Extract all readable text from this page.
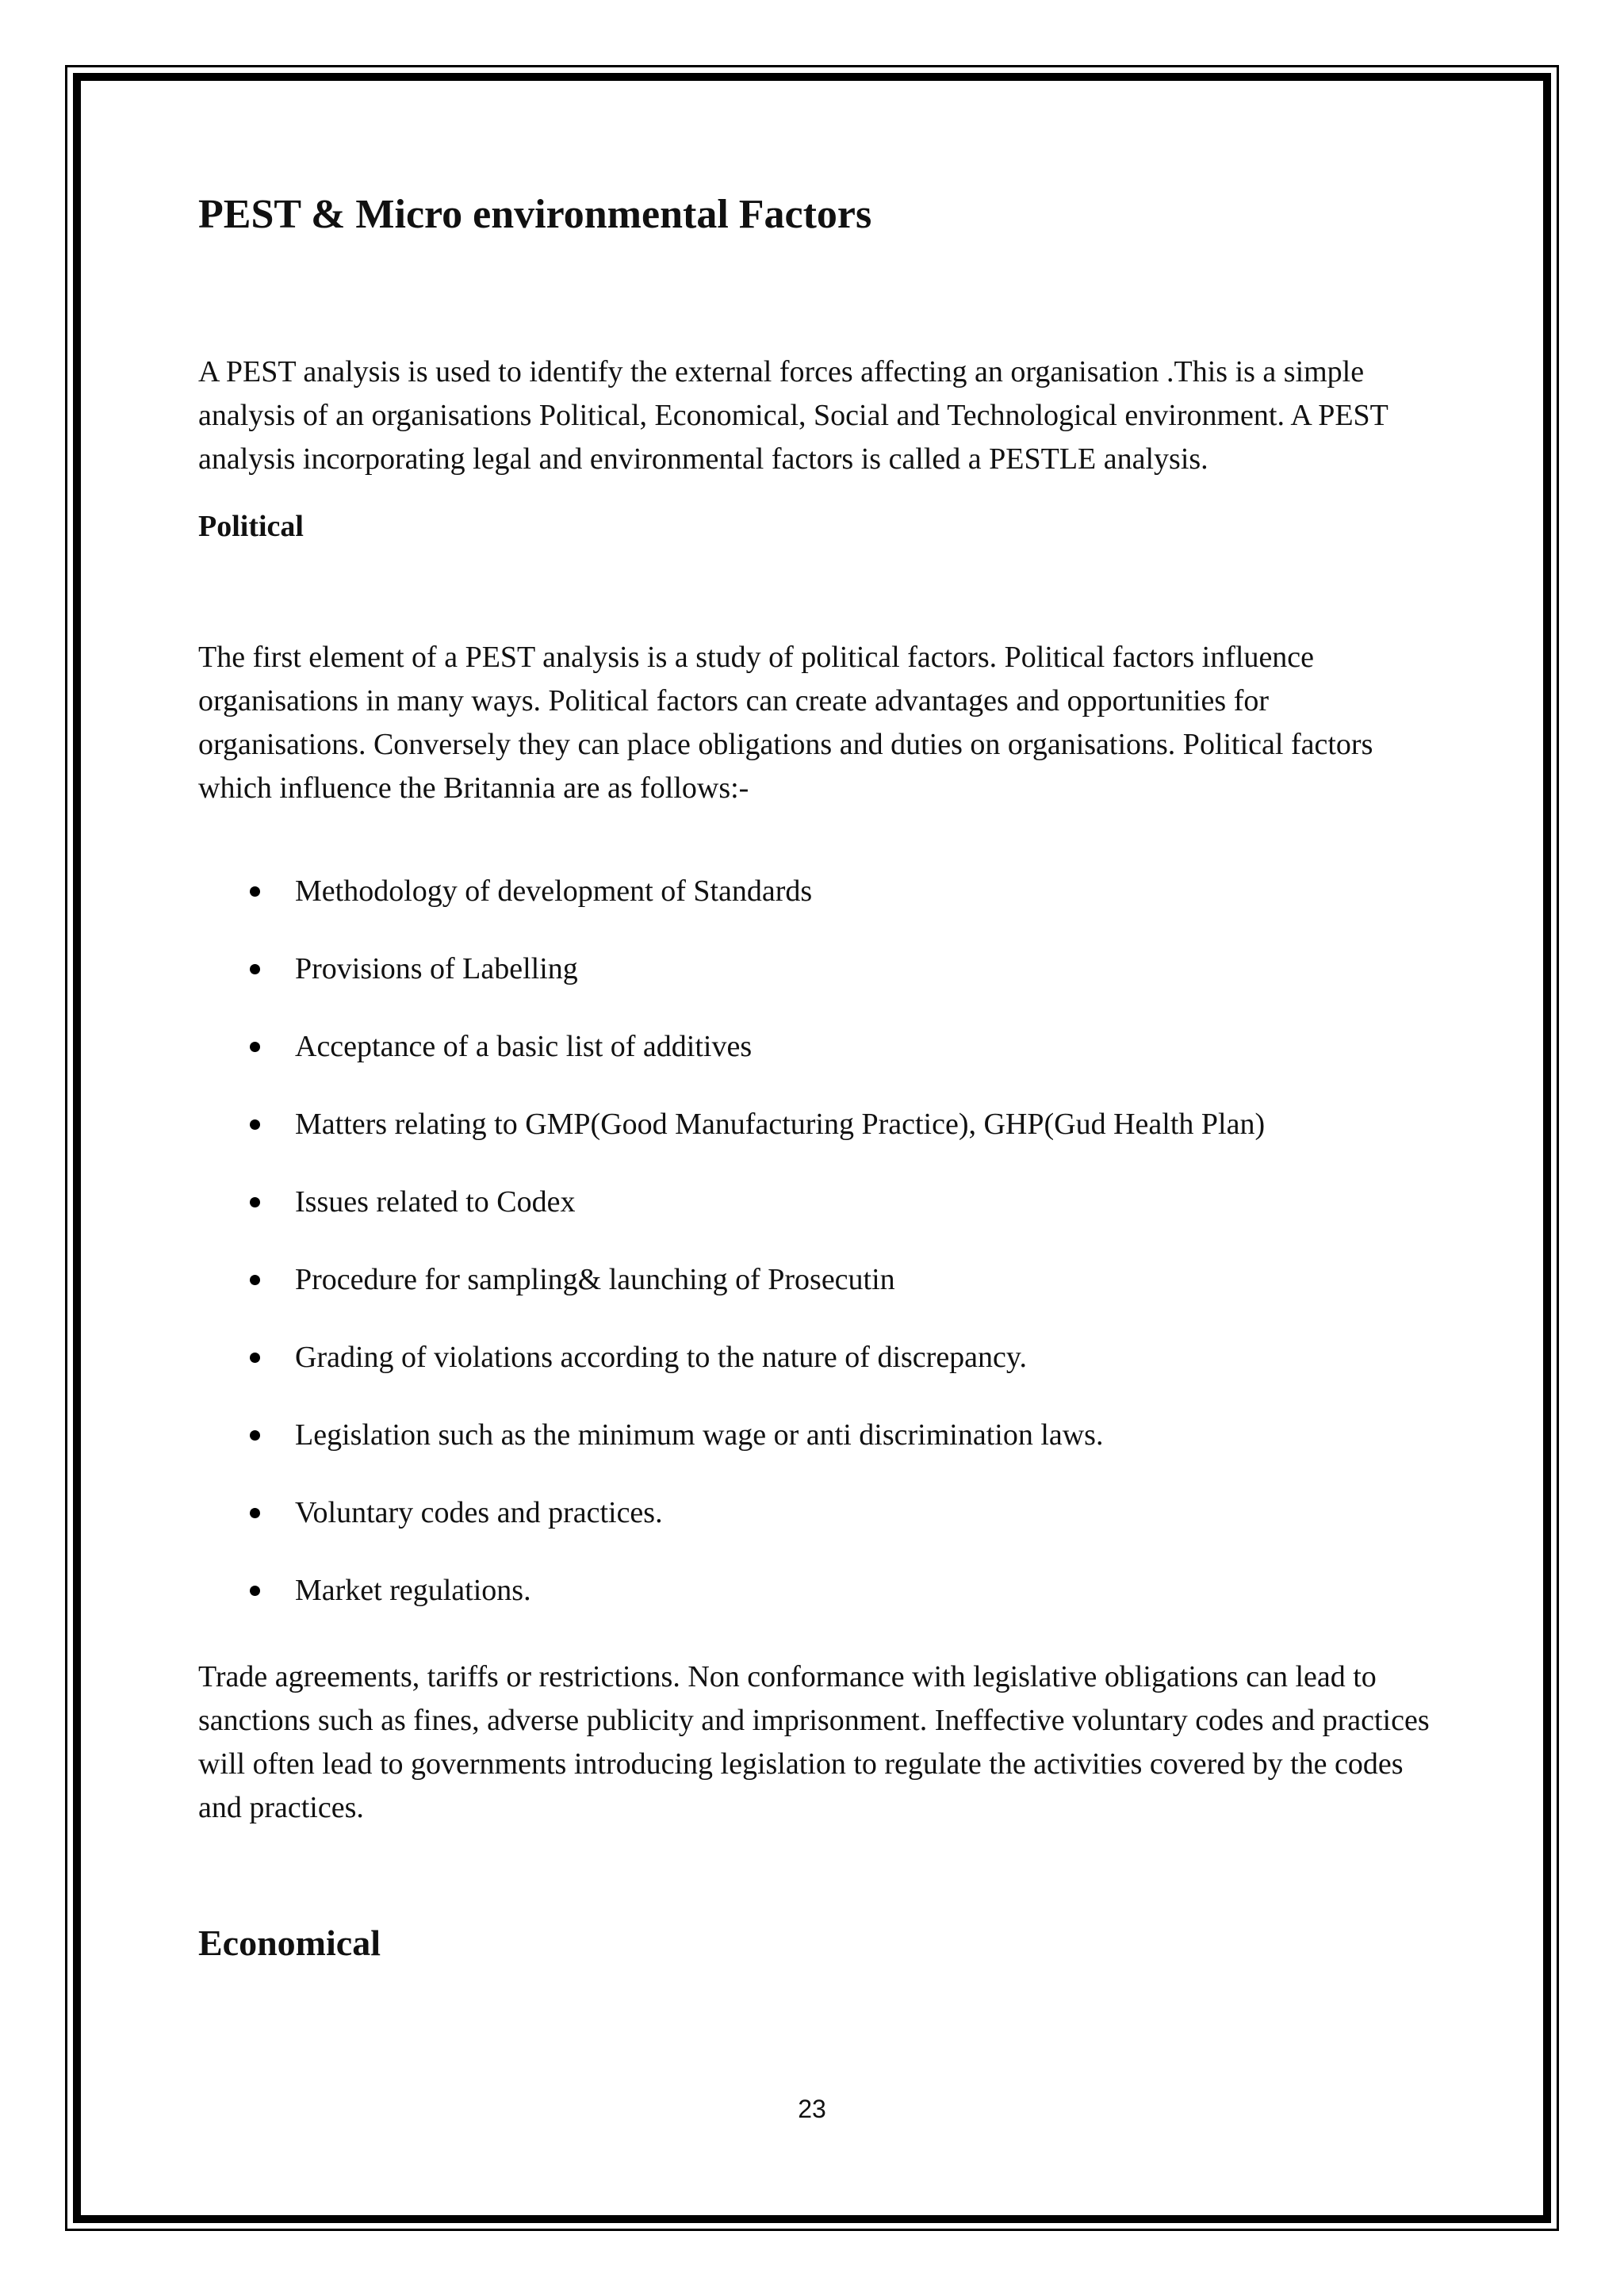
PEST & Micro environmental Factors

A PEST analysis is used to identify the external forces affecting an organisation .This is a simple analysis of an organisations Political, Economical, Social and Technological environment. A PEST analysis incorporating legal and environmental factors is called a PESTLE analysis.

Political

The first element of a PEST analysis is a study of political factors. Political factors influence organisations in many ways. Political factors can create advantages and opportunities for organisations. Conversely they can place obligations and duties on organisations. Political factors which influence the Britannia are as follows:-

Methodology of development of Standards
Provisions of Labelling
Acceptance of a basic list of additives
Matters relating to GMP(Good Manufacturing Practice), GHP(Gud Health Plan)
Issues related to Codex
Procedure for sampling& launching of Prosecutin
Grading of violations according to the nature of discrepancy.
Legislation such as the minimum wage or anti discrimination laws.
Voluntary codes and practices.
Market regulations.

Trade agreements, tariffs or restrictions. Non conformance with legislative obligations can lead to sanctions such as fines, adverse publicity and imprisonment. Ineffective voluntary codes and practices will often lead to governments introducing legislation to regulate the activities covered by the codes and practices.

Economical
23
